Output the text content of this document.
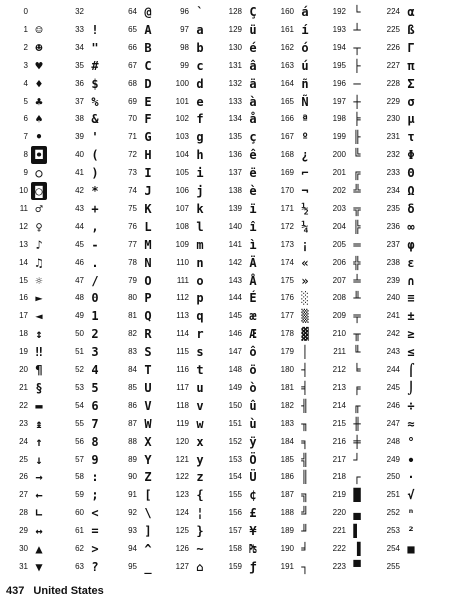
0
1 ☺
2 ☻
3 ♥
4 ♦
5 ♣
6 ♠
7 •
8 ◘
9 ○
10 ◙
11 ♂
12 ♀
13 ♪
14 ♫
15 ☼
16 ►
17 ◄
18 ↕
19 ‼
20 ¶
21 §
22 ▬
23 ↨
24 ↑
25 ↓
26 →
27 ←
28 ∟
29 ↔
30 ▲
31 ▼
32
33 !
34 "
35 #
36 $
37 %
38 &
39 '
40 (
41 )
42 *
43 +
44 ,
45 -
46 .
47 /
48 0
49 1
50 2
51 3
52 4
53 5
54 6
55 7
56 8
57 9
58 :
59 ;
60 <
61 =
62 >
63 ?
64 @
65 A
66 B
67 C
68 D
69 E
70 F
71 G
72 H
73 I
74 J
75 K
76 L
77 M
78 N
79 O
80 P
81 Q
82 R
83 S
84 T
85 U
86 V
87 W
88 X
89 Y
90 Z
91 [
92 \
93 ]
94 ^
95 _
96 `
97 a
98 b
99 c
100 d
101 e
102 f
103 g
104 h
105 i
106 j
107 k
108 l
109 m
110 n
111 o
112 p
113 q
114 r
115 s
116 t
117 u
118 v
119 w
120 x
121 y
122 z
123 {
124 ¦
125 }
126 ~
127 ⌂
128 Ç
129 ü
130 é
131 â
132 ä
133 à
134 å
135 ç
136 ê
137 ë
138 è
139 ï
140 î
141 ì
142 Ä
143 Å
144 É
145 æ
146 Æ
147 ô
148 ö
149 ò
150 û
151 ù
152 ÿ
153 Ö
154 Ü
155 ¢
156 £
157 ¥
158 ₧
159 ƒ
160 á
161 í
162 ó
163 ú
164 ñ
165 Ñ
166 ª
167 º
168 ¿
169 ⌐
170 ¬
171 ½
172 ¼
173 ¡
174 «
175 »
176 ░
177 ▒
178 ▓
179 │
180 ┤
181 ╡
182 ╢
183 ╖
184 ╕
185 ╣
186 ║
187 ╗
188 ╝
189 ╜
190 ╛
191 ┐
192 └
193 ┴
194 ┬
195 ├
196 ─
197 ┼
198 ╞
199 ╟
200 ╚
201 ╔
202 ╩
203 ╦
204 ╠
205 ═
206 ╬
207 ╧
208 ╨
209 ╤
210 ╥
211 ╙
212 ╘
213 ╒
214 ╓
215 ╫
216 ╪
217 ┘
218 ┌
219 █
220 ▄
221 ▌
222 ▐
223 ▀
224 α
225 ß
226 Γ
227 π
228 Σ
229 σ
230 µ
231 τ
232 Φ
233 Θ
234 Ω
235 δ
236 ∞
237 φ
238 ε
239 ∩
240 ≡
241 ±
242 ≥
243 ≤
244 ⌠
245 ⌡
246 ÷
247 ≈
248 °
249 ∙
250 ·
251 √
252 ⁿ
253 ²
254 ■
255
437 United States
